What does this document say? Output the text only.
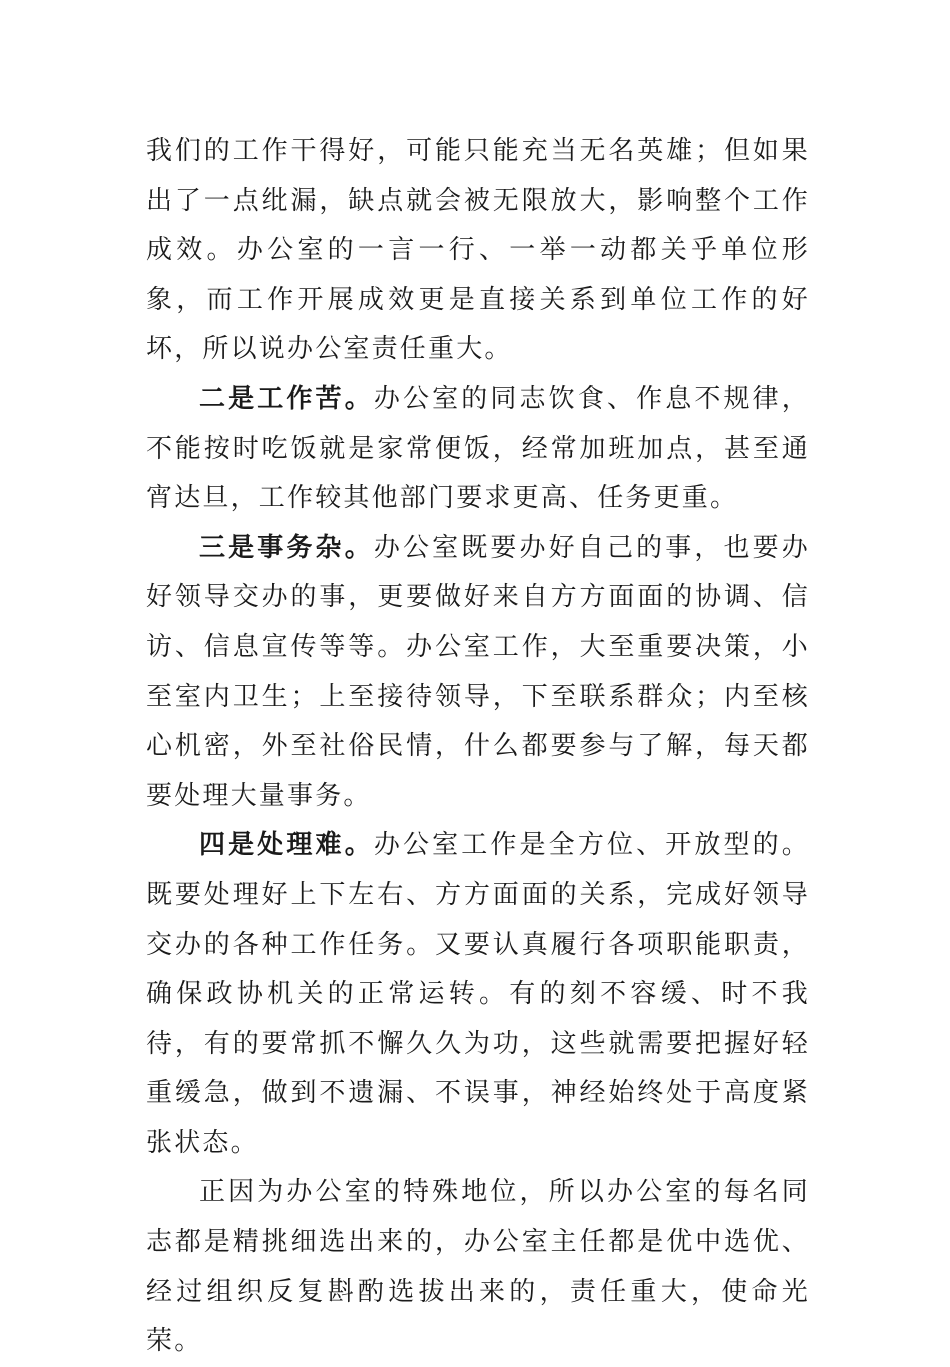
我们的工作干得好，可能只能充当无名英雄；但如果出了一点纰漏，缺点就会被无限放大，影响整个工作成效。办公室的一言一行、一举一动都关乎单位形象，而工作开展成效更是直接关系到单位工作的好坏，所以说办公室责任重大。

二是工作苦。办公室的同志饮食、作息不规律，不能按时吃饭就是家常便饭，经常加班加点，甚至通宵达旦，工作较其他部门要求更高、任务更重。

三是事务杂。办公室既要办好自己的事，也要办好领导交办的事，更要做好来自方方面面的协调、信访、信息宣传等等。办公室工作，大至重要决策，小至室内卫生；上至接待领导，下至联系群众；内至核心机密，外至社俗民情，什么都要参与了解，每天都要处理大量事务。

四是处理难。办公室工作是全方位、开放型的。既要处理好上下左右、方方面面的关系，完成好领导交办的各种工作任务。又要认真履行各项职能职责，确保政协机关的正常运转。有的刻不容缓、时不我待，有的要常抓不懈久久为功，这些就需要把握好轻重缓急，做到不遗漏、不误事，神经始终处于高度紧张状态。

正因为办公室的特殊地位，所以办公室的每名同志都是精挑细选出来的，办公室主任都是优中选优、经过组织反复斟酌选拔出来的，责任重大，使命光荣。
